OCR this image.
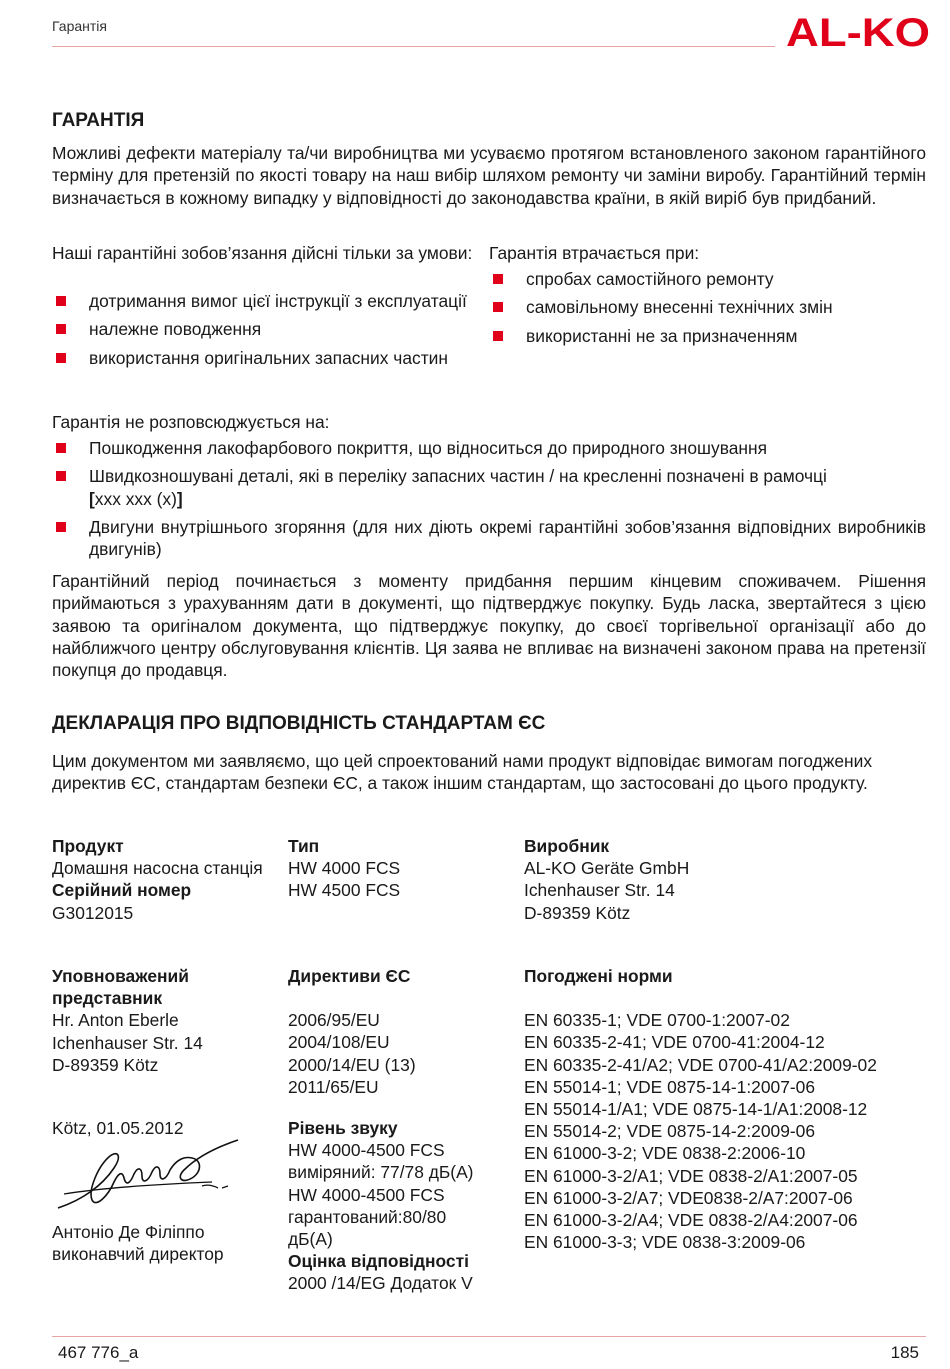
Гарантія	AL-KO
ГАРАНТІЯ
Можливі дефекти матеріалу та/чи виробництва ми усуваємо протягом встановленого законом гарантійного терміну для претензій по якості товару на наш вибір шляхом ремонту чи заміни виробу. Гарантійний термін визначається в кожному випадку у відповідності до законодавства країни, в якій виріб був придбаний.
Наші гарантійні зобов’язання дійсні тільки за умови:
дотримання вимог цієї інструкції з експлуатації
належне поводження
використання оригінальних запасних частин
Гарантія втрачається при:
спробах самостійного ремонту
самовільному внесенні технічних змін
використанні не за призначенням
Гарантія не розповсюджується на:
Пошкодження лакофарбового покриття, що відноситься до природного зношування
Швидкозношувані деталі, які в переліку запасних частин / на кресленні позначені в рамочці
[xxx xxx (x)]
Двигуни внутрішнього згоряння (для них діють окремі гарантійні зобов’язання відповідних виробників двигунів)
Гарантійний період починається з моменту придбання першим кінцевим споживачем. Рішення приймаються з урахуванням дати в документі, що підтверджує покупку. Будь ласка, звертайтеся з цією заявою та оригіналом документа, що підтверджує покупку, до своєї торгівельної організації або до найближчого центру обслуговування клієнтів. Ця заява не впливає на визначені законом права на претензії покупця до продавця.
ДЕКЛАРАЦІЯ ПРО ВІДПОВІДНІСТЬ СТАНДАРТАМ ЄС
Цим документом ми заявляємо, що цей спроектований нами продукт відповідає вимогам погоджених директив ЄС, стандартам безпеки ЄС, а також іншим стандартам, що застосовані до цього продукту.
Продукт
Домашня насосна станція
Серійний номер
G3012015
Тип
HW 4000 FCS
HW 4500 FCS
Виробник
AL-KO Geräte GmbH
Ichenhauser Str. 14
D-89359 Kötz
Уповноважений
представник
Hr. Anton Eberle
Ichenhauser Str. 14
D-89359 Kötz
Директиви ЄС
2006/95/EU
2004/108/EU
2000/14/EU (13)
2011/65/EU
Погоджені норми
EN 60335-1; VDE 0700-1:2007-02
EN 60335-2-41; VDE 0700-41:2004-12
EN 60335-2-41/A2; VDE 0700-41/A2:2009-02
EN 55014-1; VDE 0875-14-1:2007-06
EN 55014-1/A1; VDE 0875-14-1/A1:2008-12
EN 55014-2; VDE 0875-14-2:2009-06
EN 61000-3-2; VDE 0838-2:2006-10
EN 61000-3-2/A1; VDE 0838-2/A1:2007-05
EN 61000-3-2/A7; VDE0838-2/A7:2007-06
EN 61000-3-2/A4; VDE 0838-2/A4:2007-06
EN 61000-3-3; VDE 0838-3:2009-06
Kötz, 01.05.2012
Антоніо Де Філіппо
виконавчий директор
Рівень звуку
HW 4000-4500 FCS
виміряний: 77/78 дБ(A)
HW 4000-4500 FCS
гарантований:80/80
дБ(A)
Оцінка відповідності
2000 /14/EG Додаток V
467 776_a	185
